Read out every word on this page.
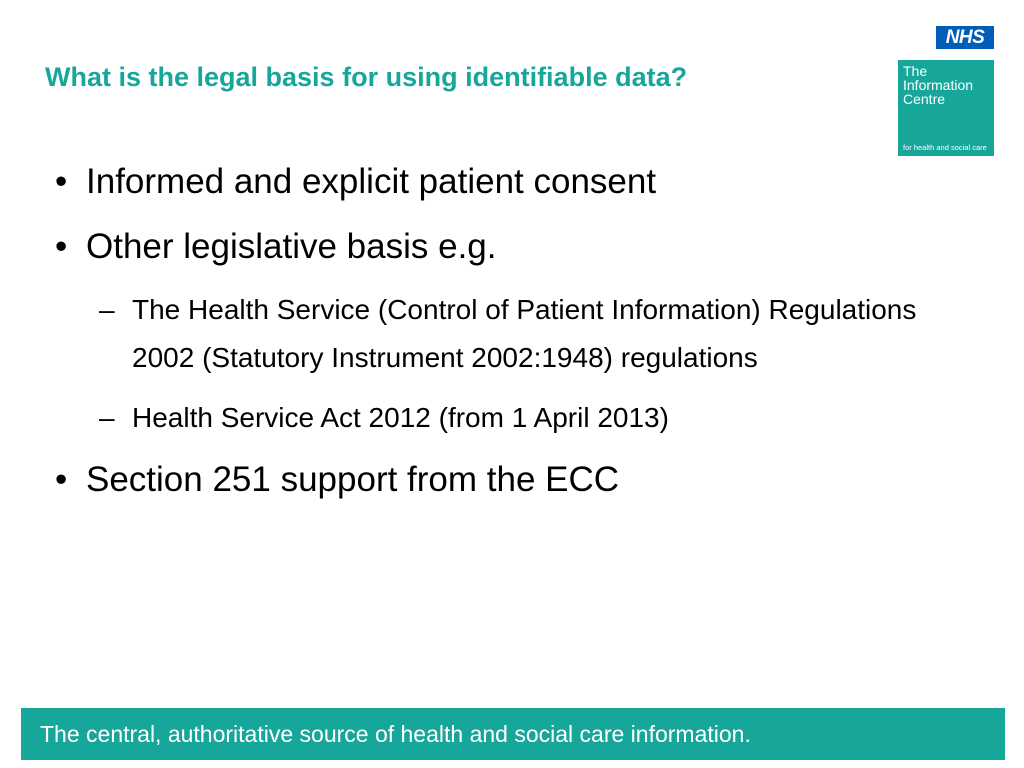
What is the legal basis for using identifiable data?
NHS
The
Information
Centre
for health and social care
• Informed and explicit patient consent
• Other legislative basis e.g.
– The Health Service (Control of Patient Information) Regulations 2002 (Statutory Instrument 2002:1948) regulations
– Health Service Act 2012 (from 1 April 2013)
• Section 251 support from the ECC
The central, authoritative source of health and social care information.
